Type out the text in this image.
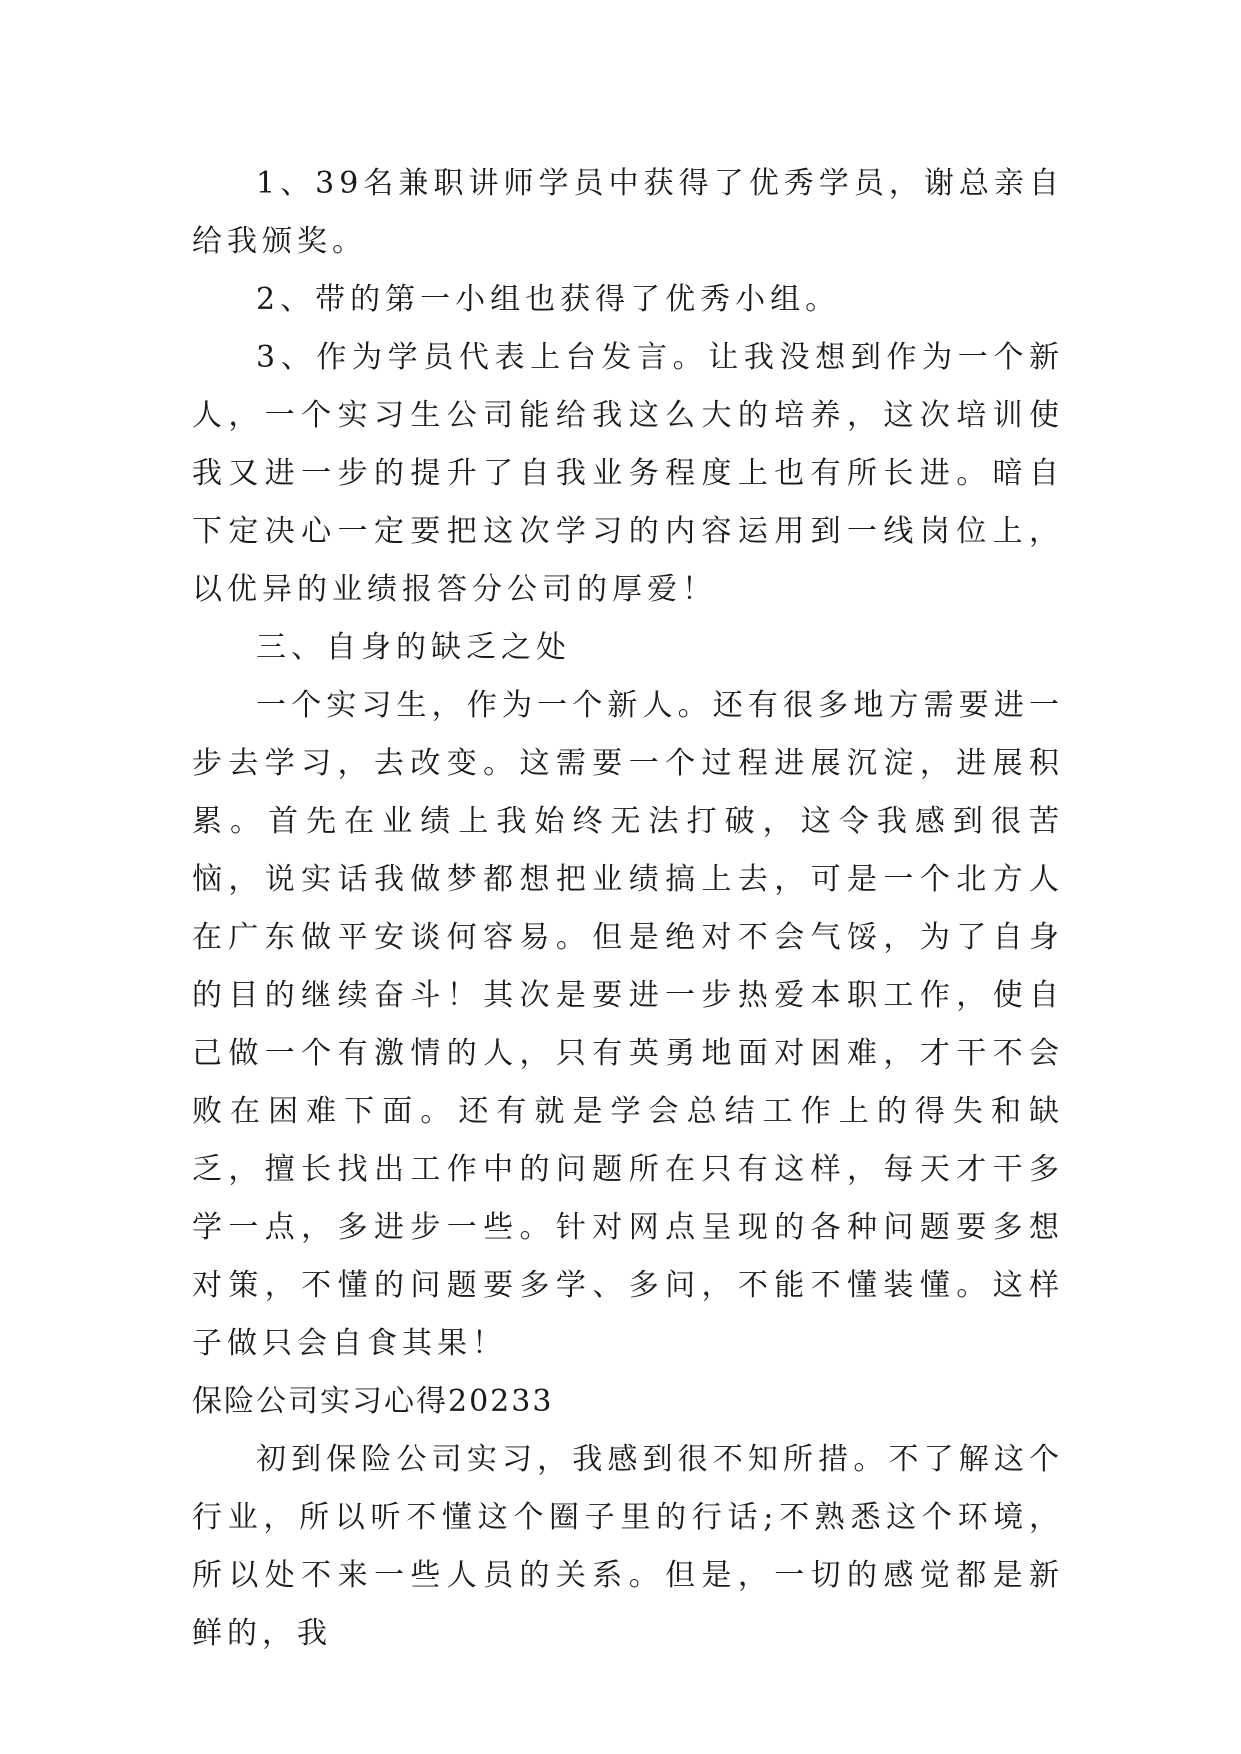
1、39名兼职讲师学员中获得了优秀学员，谢总亲自给我颁奖。

2、带的第一小组也获得了优秀小组。

3、作为学员代表上台发言。让我没想到作为一个新人，一个实习生公司能给我这么大的培养，这次培训使我又进一步的提升了自我业务程度上也有所长进。暗自下定决心一定要把这次学习的内容运用到一线岗位上，以优异的业绩报答分公司的厚爱！

三、自身的缺乏之处

一个实习生，作为一个新人。还有很多地方需要进一步去学习，去改变。这需要一个过程进展沉淀，进展积累。首先在业绩上我始终无法打破，这令我感到很苦恼，说实话我做梦都想把业绩搞上去，可是一个北方人在广东做平安谈何容易。但是绝对不会气馁，为了自身的目的继续奋斗！其次是要进一步热爱本职工作，使自己做一个有激情的人，只有英勇地面对困难，才干不会败在困难下面。还有就是学会总结工作上的得失和缺乏，擅长找出工作中的问题所在只有这样，每天才干多学一点，多进步一些。针对网点呈现的各种问题要多想对策，不懂的问题要多学、多问，不能不懂装懂。这样子做只会自食其果！

保险公司实习心得20233

初到保险公司实习，我感到很不知所措。不了解这个行业，所以听不懂这个圈子里的行话;不熟悉这个环境，所以处不来一些人员的关系。但是，一切的感觉都是新鲜的，我
